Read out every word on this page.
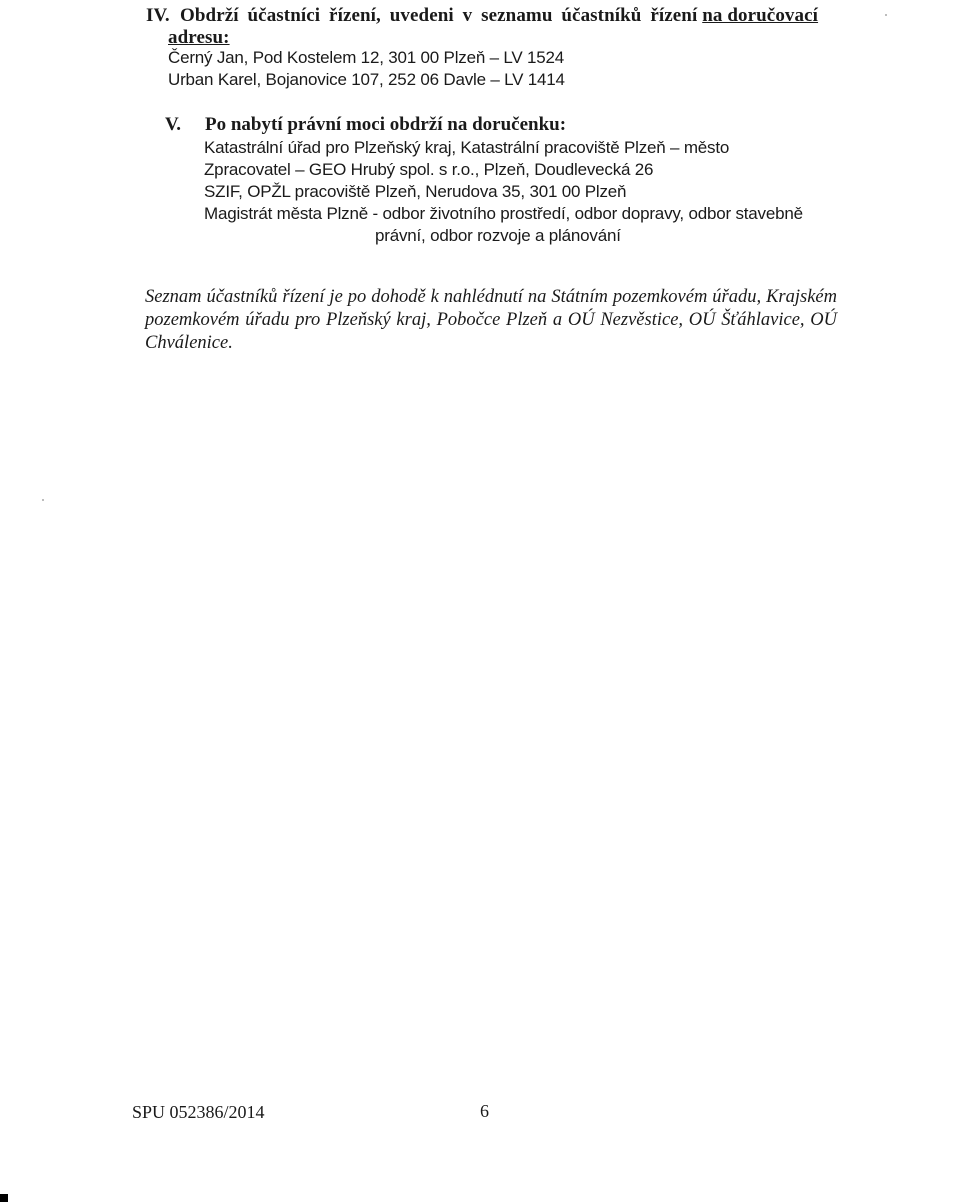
IV. Obdrží účastníci řízení, uvedeni v seznamu účastníků řízení na doručovací
adresu:
Černý Jan, Pod Kostelem 12, 301 00 Plzeň – LV 1524
Urban Karel, Bojanovice 107, 252 06 Davle – LV 1414
V. Po nabytí právní moci obdrží na doručenku:
Katastrální úřad pro Plzeňský kraj, Katastrální pracoviště Plzeň – město
Zpracovatel – GEO Hrubý spol. s r.o., Plzeň, Doudlevecká 26
SZIF, OPŽL pracoviště Plzeň, Nerudova 35, 301 00 Plzeň
Magistrát města Plzně - odbor životního prostředí, odbor dopravy, odbor stavebně
právní, odbor rozvoje a plánování
Seznam účastníků řízení je po dohodě k nahlédnutí na Státním pozemkovém úřadu, Krajském pozemkovém úřadu pro Plzeňský kraj, Pobočce Plzeň a OÚ Nezvěstice, OÚ Šťáhlavice, OÚ Chválenice.
SPU 052386/2014	6
